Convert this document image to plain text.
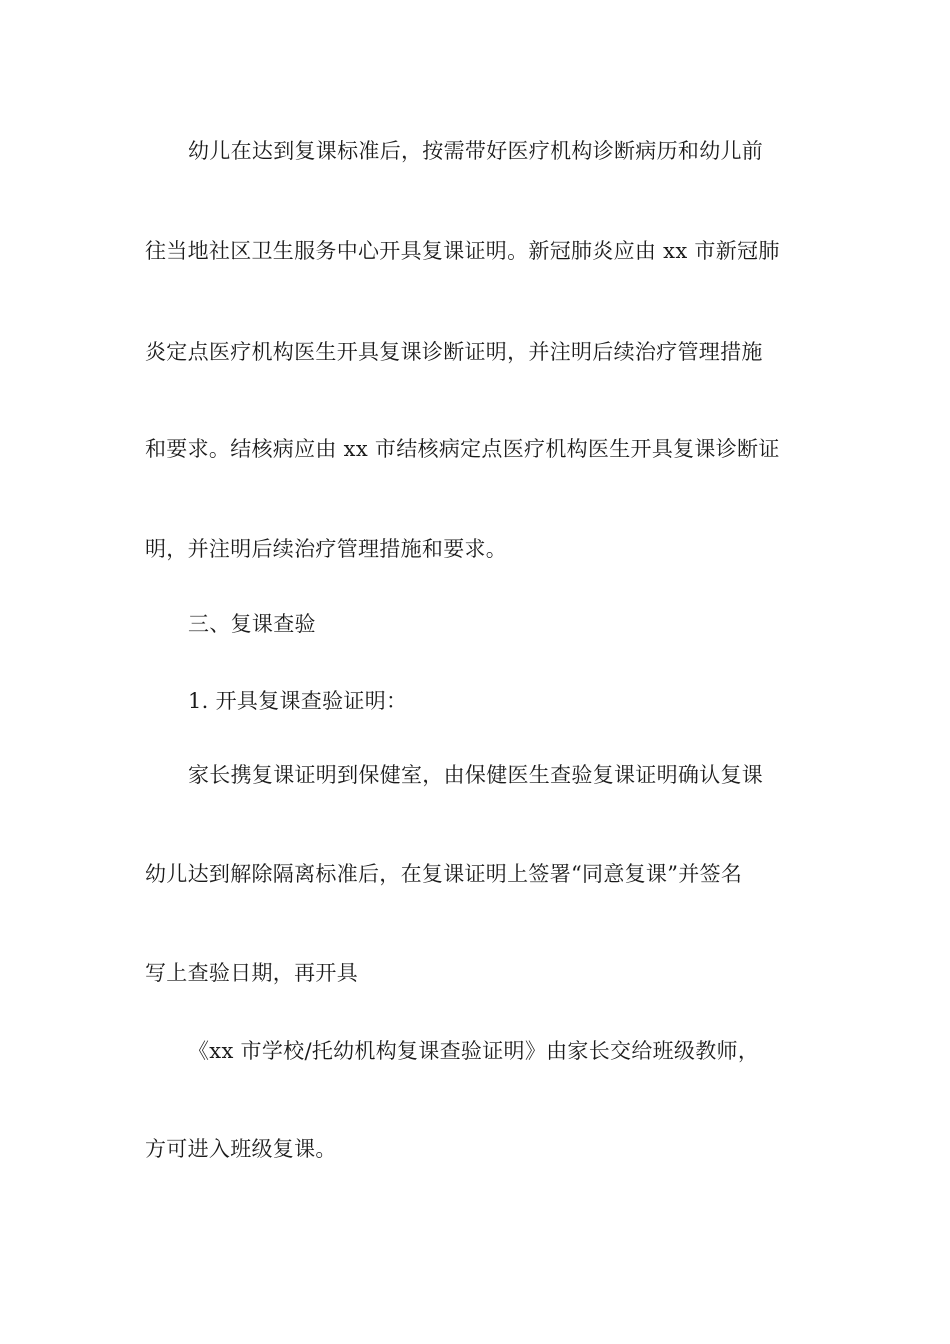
幼儿在达到复课标准后，按需带好医疗机构诊断病历和幼儿前
往当地社区卫生服务中心开具复课证明。新冠肺炎应由 xx 市新冠肺
炎定点医疗机构医生开具复课诊断证明，并注明后续治疗管理措施
和要求。结核病应由 xx 市结核病定点医疗机构医生开具复课诊断证
明，并注明后续治疗管理措施和要求。
三、复课查验
1. 开具复课查验证明：
家长携复课证明到保健室，由保健医生查验复课证明确认复课
幼儿达到解除隔离标准后，在复课证明上签署“同意复课”并签名
写上查验日期，再开具
《xx 市学校/托幼机构复课查验证明》由家长交给班级教师，
方可进入班级复课。
